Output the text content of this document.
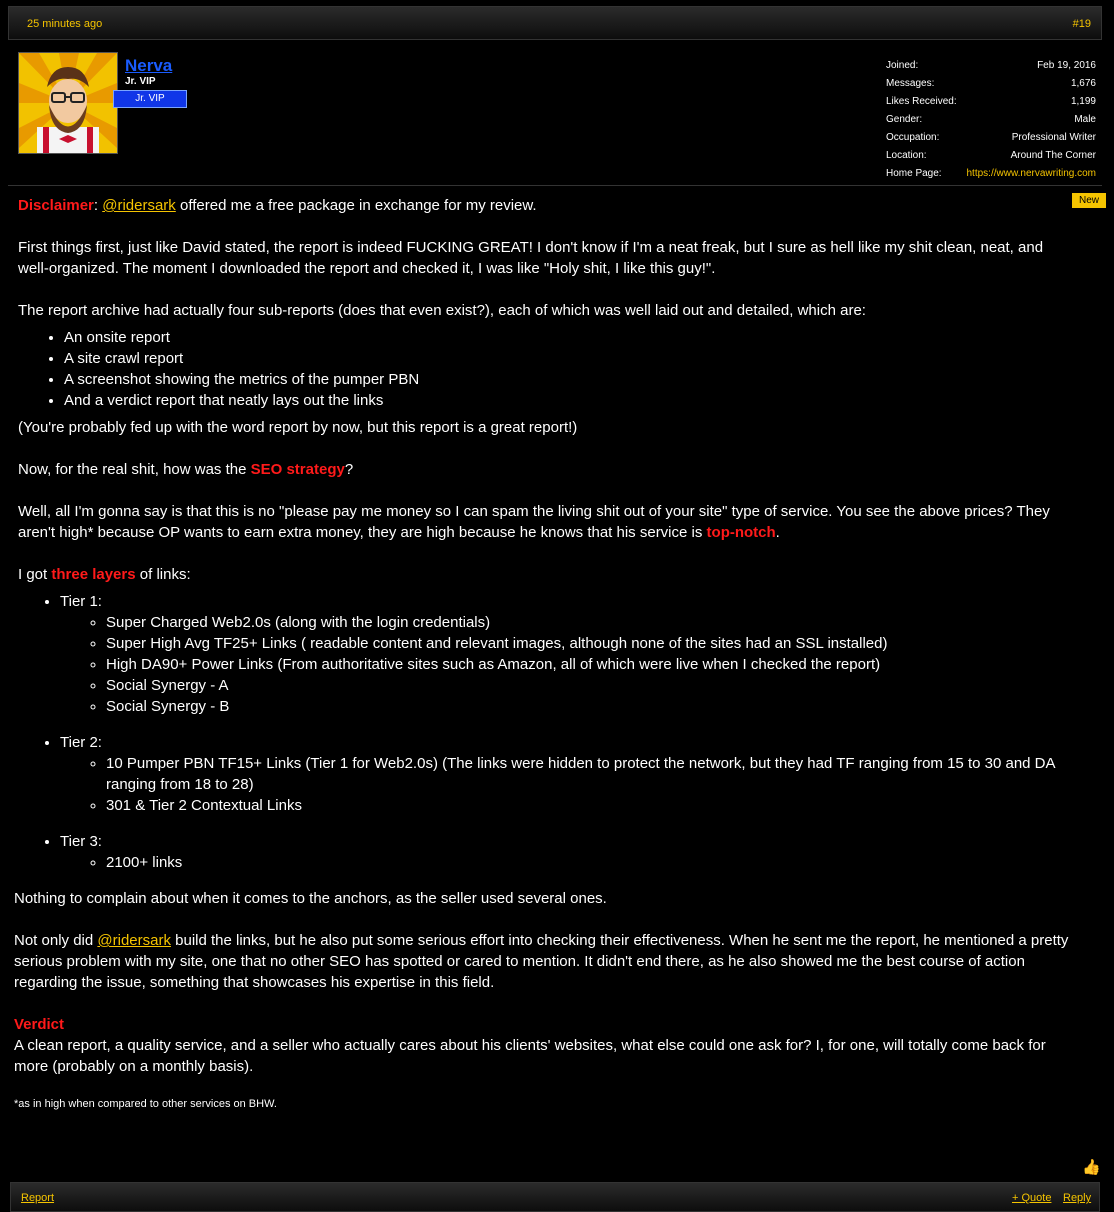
25 minutes ago	#19
Nerva
Jr. VIP
Jr. VIP
Joined:	Feb 19, 2016
Messages:	1,676
Likes Received:	1,199
Gender:	Male
Occupation:	Professional Writer
Location:	Around The Corner
Home Page: https://www.nervawriting.com
New

Disclaimer: @ridersark offered me a free package in exchange for my review.

First things first, just like David stated, the report is indeed FUCKING GREAT! I don't know if I'm a neat freak, but I sure as hell like my shit clean, neat, and well-organized. The moment I downloaded the report and checked it, I was like "Holy shit, I like this guy!".

The report archive had actually four sub-reports (does that even exist?), each of which was well laid out and detailed, which are:

• An onsite report
• A site crawl report
• A screenshot showing the metrics of the pumper PBN
• And a verdict report that neatly lays out the links

(You're probably fed up with the word report by now, but this report is a great report!)

Now, for the real shit, how was the SEO strategy?

Well, all I'm gonna say is that this is no "please pay me money so I can spam the living shit out of your site" type of service. You see the above prices? They aren't high* because OP wants to earn extra money, they are high because he knows that his service is top-notch.

I got three layers of links:

• Tier 1:
◦ Super Charged Web2.0s (along with the login credentials)
◦ Super High Avg TF25+ Links ( readable content and relevant images, although none of the sites had an SSL installed)
◦ High DA90+ Power Links (From authoritative sites such as Amazon, all of which were live when I checked the report)
◦ Social Synergy - A
◦ Social Synergy - B
• Tier 2:
◦ 10 Pumper PBN TF15+ Links (Tier 1 for Web2.0s) (The links were hidden to protect the network, but they had TF ranging from 15 to 30 and DA ranging from 18 to 28)
◦ 301 & Tier 2 Contextual Links
• Tier 3:
◦ 2100+ links

Nothing to complain about when it comes to the anchors, as the seller used several ones.

Not only did @ridersark build the links, but he also put some serious effort into checking their effectiveness. When he sent me the report, he mentioned a pretty serious problem with my site, one that no other SEO has spotted or cared to mention. It didn't end there, as he also showed me the best course of action regarding the issue, something that showcases his expertise in this field.

Verdict

A clean report, a quality service, and a seller who actually cares about his clients' websites, what else could one ask for? I, for one, will totally come back for more (probably on a monthly basis).

*as in high when compared to other services on BHW.

👍
Report	+ Quote Reply
